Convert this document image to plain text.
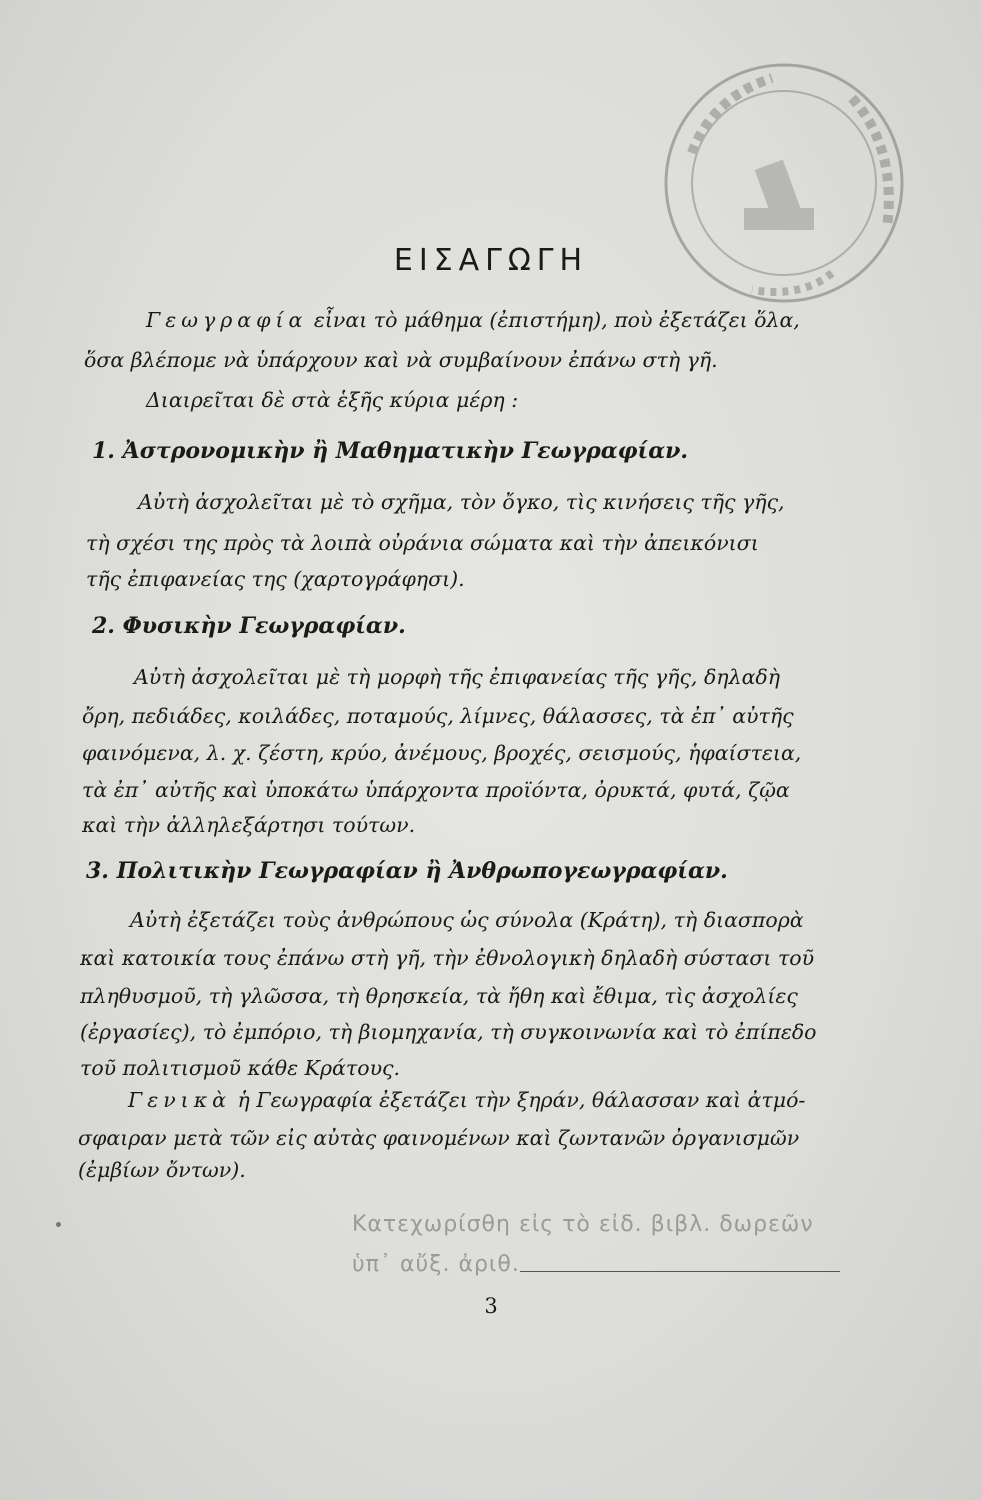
ΕΙΣΑΓΩΓΗ
Γεωγραφία εἶναι τὸ μάθημα (ἐπιστήμη), ποὺ ἐξετάζει ὅλα,
ὅσα βλέπομε νὰ ὑπάρχουν καὶ νὰ συμβαίνουν ἐπάνω στὴ γῆ.
Διαιρεῖται δὲ στὰ ἑξῆς κύρια μέρη :
1. Ἀστρονομικὴν ἢ Μαθηματικὴν Γεωγραφίαν.
Αὐτὴ ἀσχολεῖται μὲ τὸ σχῆμα, τὸν ὄγκο, τὶς κινήσεις τῆς γῆς,
τὴ σχέσι της πρὸς τὰ λοιπὰ οὐράνια σώματα καὶ τὴν ἀπεικόνισι
τῆς ἐπιφανείας της (χαρτογράφησι).
2. Φυσικὴν Γεωγραφίαν.
Αὐτὴ ἀσχολεῖται μὲ τὴ μορφὴ τῆς ἐπιφανείας τῆς γῆς, δηλαδὴ
ὄρη, πεδιάδες, κοιλάδες, ποταμούς, λίμνες, θάλασσες, τὰ ἐπ᾽ αὐτῆς
φαινόμενα, λ. χ. ζέστη, κρύο, ἀνέμους, βροχές, σεισμούς, ἡφαίστεια,
τὰ ἐπ᾽ αὐτῆς καὶ ὑποκάτω ὑπάρχοντα προϊόντα, ὀρυκτά, φυτά, ζῷα
καὶ τὴν ἀλληλεξάρτησι τούτων.
3. Πολιτικὴν Γεωγραφίαν ἢ Ἀνθρωπογεωγραφίαν.
Αὐτὴ ἐξετάζει τοὺς ἀνθρώπους ὡς σύνολα (Κράτη), τὴ διασπορὰ
καὶ κατοικία τους ἐπάνω στὴ γῆ, τὴν ἐθνολογικὴ δηλαδὴ σύστασι τοῦ
πληθυσμοῦ, τὴ γλῶσσα, τὴ θρησκεία, τὰ ἤθη καὶ ἔθιμα, τὶς ἀσχολίες
(ἐργασίες), τὸ ἐμπόριο, τὴ βιομηχανία, τὴ συγκοινωνία καὶ τὸ ἐπίπεδο
τοῦ πολιτισμοῦ κάθε Κράτους.
Γενικὰ ἡ Γεωγραφία ἐξετάζει τὴν ξηράν, θάλασσαν καὶ ἀτμό-
σφαιραν μετὰ τῶν εἰς αὐτὰς φαινομένων καὶ ζωντανῶν ὀργανισμῶν
(ἐμβίων ὄντων).
Κατεχωρίσθη εἰς τὸ εἰδ. βιβλ. δωρεῶν
ὑπ᾽ αὔξ. ἀριθ.
3
